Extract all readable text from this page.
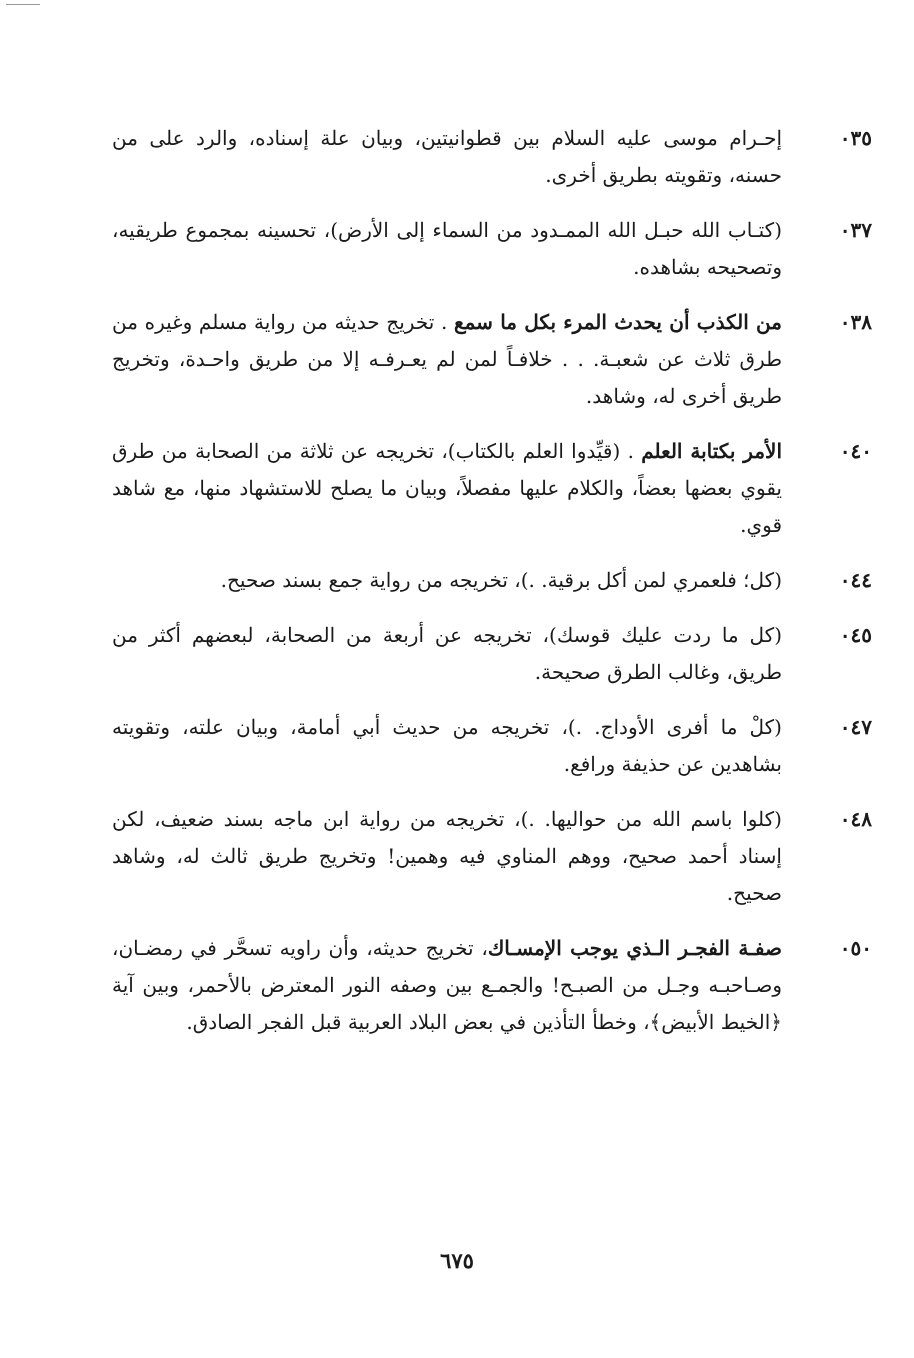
٠٣٥
إحـرام موسى عليه السلام بين قطوانيتين، وبيان علة إسناده، والرد على من حسنه، وتقويته بطريق أخرى.
٠٣٧
(كتـاب الله حبـل الله الممـدود من السماء إلى الأرض)، تحسينه بمجموع طريقيه، وتصحيحه بشاهده.
٠٣٨
من الكذب أن يحدث المرء بكل ما سمع . تخريج حديثه من رواية مسلم وغيره من طرق ثلاث عن شعبـة. . . خلافـاً لمن لم يعـرفـه إلا من طريق واحـدة، وتخريج طريق أخرى له، وشاهد.
٠٤٠
الأمر بكتابة العلم . (قيِّدوا العلم بالكتاب)، تخريجه عن ثلاثة من الصحابة من طرق يقوي بعضها بعضاً، والكلام عليها مفصلاً، وبيان ما يصلح للاستشهاد منها، مع شاهد قوي.
٠٤٤
(كل؛ فلعمري لمن أكل برقية. .)، تخريجه من رواية جمع بسند صحيح.
٠٤٥
(كل ما ردت عليك قوسك)، تخريجه عن أربعة من الصحابة، لبعضهم أكثر من طريق، وغالب الطرق صحيحة.
٠٤٧
(كلْ ما أفرى الأوداج. .)، تخريجه من حديث أبي أمامة، وبيان علته، وتقويته بشاهدين عن حذيفة ورافع.
٠٤٨
(كلوا باسم الله من حواليها. .)، تخريجه من رواية ابن ماجه بسند ضعيف، لكن إسناد أحمد صحيح، ووهم المناوي فيه وهمين! وتخريج طريق ثالث له، وشاهد صحيح.
٠٥٠
صفـة الفجـر الـذي يوجب الإمسـاك، تخريج حديثه، وأن راويه تسحَّر في رمضـان، وصـاحبـه وجـل من الصبـح! والجمـع بين وصفه النور المعترض بالأحمر، وبين آية ﴿الخيط الأبيض﴾، وخطأ التأذين في بعض البلاد العربية قبل الفجر الصادق.
٦٧٥
